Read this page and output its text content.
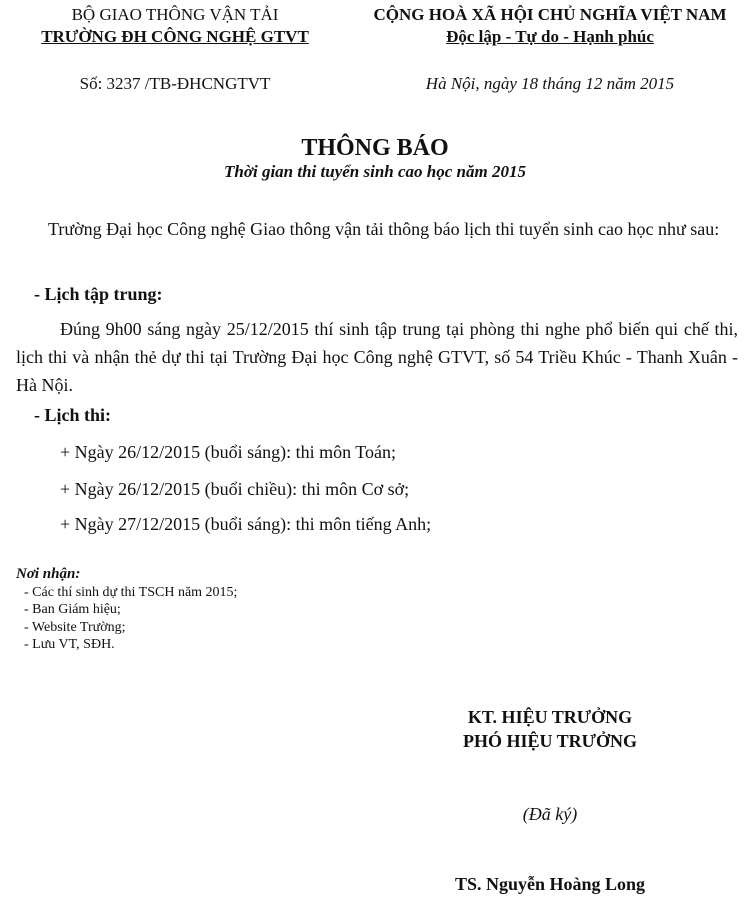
BỘ GIAO THÔNG VẬN TẢI
TRƯỜNG ĐH CÔNG NGHỆ GTVT
CỘNG HOÀ XÃ HỘI CHỦ NGHĨA VIỆT NAM
Độc lập - Tự do - Hạnh phúc
Số: 3237 /TB-ĐHCNGTVT	Hà Nội, ngày 18 tháng 12 năm 2015
THÔNG BÁO
Thời gian thi tuyển sinh cao học năm 2015
Trường Đại học Công nghệ Giao thông vận tải thông báo lịch thi tuyển sinh cao học như sau:
- Lịch tập trung:
Đúng 9h00 sáng ngày 25/12/2015 thí sinh tập trung tại phòng thi nghe phổ biến qui chế thi, lịch thi và nhận thẻ dự thi tại Trường Đại học Công nghệ GTVT, số 54 Triều Khúc - Thanh Xuân - Hà Nội.
- Lịch thi:
+ Ngày 26/12/2015 (buổi sáng): thi môn Toán;
+ Ngày 26/12/2015 (buổi chiều): thi môn Cơ sở;
+ Ngày 27/12/2015 (buổi sáng): thi môn tiếng Anh;
Nơi nhận:
- Các thí sinh dự thi TSCH năm 2015;
- Ban Giám hiệu;
- Website Trường;
- Lưu VT, SĐH.
KT. HIỆU TRƯỞNG
PHÓ HIỆU TRƯỞNG
(Đã ký)
TS. Nguyễn Hoàng Long
